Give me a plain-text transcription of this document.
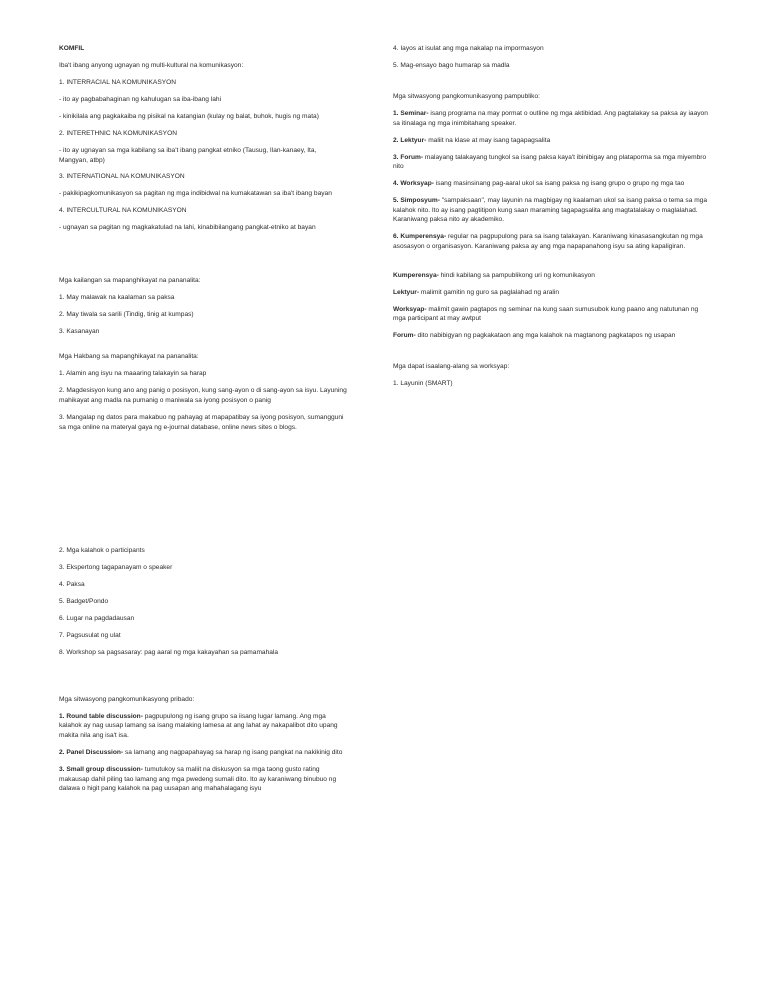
KOMFIL
Iba't ibang anyong ugnayan ng multi-kultural na komunikasyon:
1. INTERRACIAL NA KOMUNIKASYON
- ito ay pagbabahaginan ng kahulugan sa iba-ibang lahi
- kinikilala ang pagkakaiba ng pisikal na katangian (kulay ng balat, buhok, hugis ng mata)
2. INTERETHNIC NA KOMUNIKASYON
- ito ay ugnayan sa mga kabilang sa iba't ibang pangkat etniko (Tausug, Ilan-kanaey, Ita, Mangyan, atbp)
3. INTERNATIONAL NA KOMUNIKASYON
- pakikipagkomunikasyon sa pagitan ng mga indibidwal na kumakatawan sa iba't ibang bayan
4. INTERCULTURAL NA KOMUNIKASYON
- ugnayan sa pagitan ng magkakatulad na lahi, kinabibilangang pangkat-etniko at bayan
Mga kailangan sa mapanghikayat na pananalita:
1. May malawak na kaalaman sa paksa
2. May tiwala sa sarili (Tindig, tinig at kumpas)
3. Kasanayan
Mga Hakbang sa mapanghikayat na pananalita:
1. Alamin ang isyu na maaaring talakayin sa harap
2. Magdesisyon kung ano ang panig o posisyon, kung sang-ayon o di sang-ayon sa isyu. Layuning mahikayat ang madla na pumanig o maniwala sa iyong posisyon o panig
3. Mangalap ng datos para makabuo ng pahayag at mapapatibay sa iyong posisyon, sumangguni sa mga online na materyal gaya ng e-journal database, online news sites o blogs.
2. Mga kalahok o participants
3. Ekspertong tagapanayam o speaker
4. Paksa
5. Badget/Pondo
6. Lugar na pagdadausan
7. Pagsusulat ng ulat
8. Workshop sa pagsasaray: pag aaral ng mga kakayahan sa pamamahala
Mga sitwasyong pangkomunikasyong pribado:
1. Round table discussion- pagpupulong ng isang grupo sa iisang lugar lamang. Ang mga kalahok ay nag uusap lamang sa isang malaking lamesa at ang lahat ay nakapalibot dito upang makita nila ang isa't isa.
2. Panel Discussion- sa lamang ang nagpapahayag sa harap ng isang pangkat na nakikinig dito
3. Small group discussion- tumutukoy sa maliit na diskusyon sa mga taong gusto rating makausap dahil piling tao lamang ang mga pwedeng sumali dito. Ito ay karaniwang binubuo ng dalawa o higit pang kalahok na pag uusapan ang mahahalagang isyu
4. Iayos at isulat ang mga nakalap na impormasyon
5. Mag-ensayo bago humarap sa madla
Mga sitwasyong pangkomunikasyong pampubliko:
1. Seminar- isang programa na may pormat o outline ng mga aktibidad. Ang pagtalakay sa paksa ay iaayon sa itinalaga ng mga inimbitahang speaker.
2. Lektyur- maliit na klase at may isang tagapagsalita
3. Forum- malayang talakayang tungkol sa isang paksa kaya't ibinibigay ang plataporma sa mga miyembro nito
4. Worksyap- isang masinsinang pag-aaral ukol sa isang paksa ng isang grupo o grupo ng mga tao
5. Simposyum- "sampaksaan", may layunin na magbigay ng kaalaman ukol sa isang paksa o tema sa mga kalahok nito. Ito ay isang pagtitipon kung saan maraming tagapagsalita ang magtatalakay o maglalahad. Karaniwang paksa nito ay akademiko.
6. Kumperensya- regular na pagpupulong para sa isang talakayan. Karaniwang kinasasangkutan ng mga asosasyon o organisasyon. Karaniwang paksa ay ang mga napapanahong isyu sa ating kapaligiran.
Kumperensya- hindi kabilang sa pampublikong uri ng komunikasyon
Lektyur- malimit gamitin ng guro sa paglalahad ng aralin
Worksyap- malimit gawin pagtapos ng seminar na kung saan sumusubok kung paano ang natutunan ng mga participant at may awtput
Forum- dito nabibigyan ng pagkakataon ang mga kalahok na magtanong pagkatapos ng usapan
Mga dapat isaalang-alang sa worksyap:
1. Layunin (SMART)
